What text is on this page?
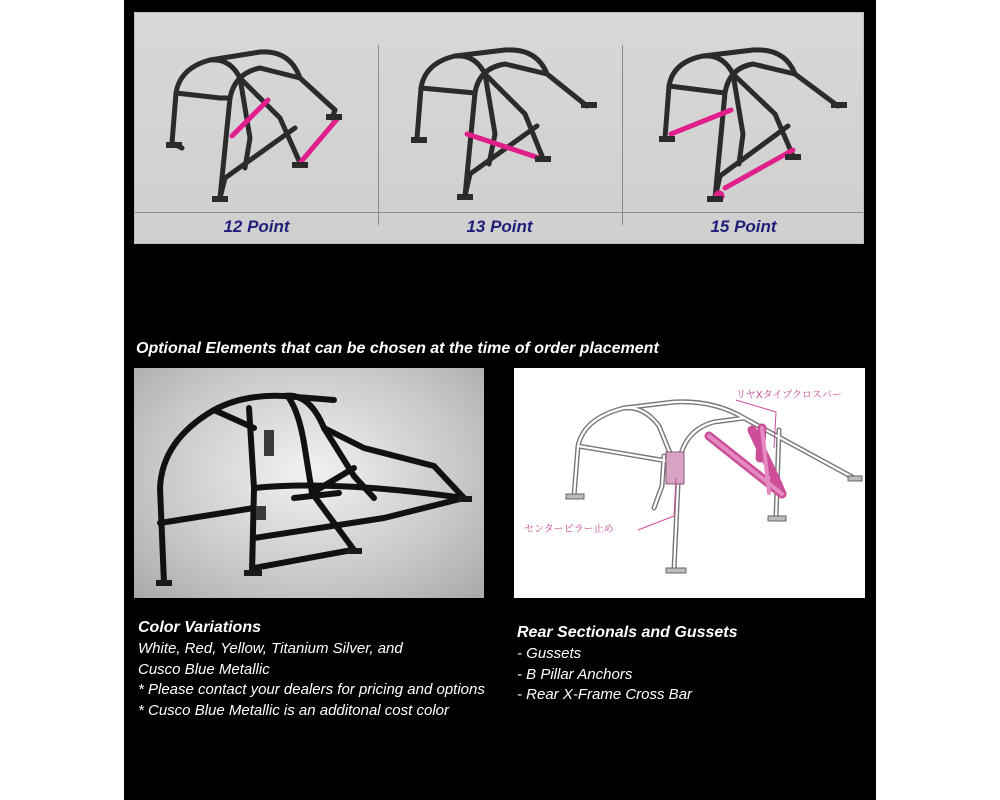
12 Point	13 Point	15 Point
Optional Elements that can be chosen at the time of order placement
リヤXタイプクロスバー
センターピラー止め
Color Variations
White, Red, Yellow, Titanium Silver, and
Cusco Blue Metallic
* Please contact your dealers for pricing and options
* Cusco Blue Metallic is an additonal cost color
Rear Sectionals and Gussets
- Gussets
- B Pillar Anchors
- Rear X-Frame Cross Bar
